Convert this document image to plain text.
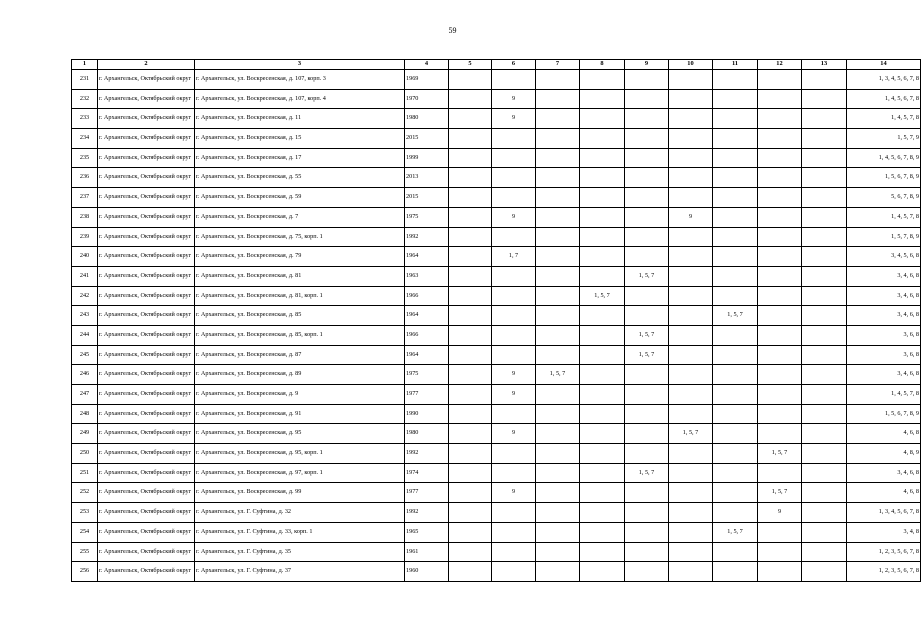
59
1	2	3	4	5	6	7	8	9	10	11	12	13	14
231	г. Архангельск, Октябрьский округ	г. Архангельск, ул. Воскресенская, д. 107, корп. 3	1969										1, 3, 4, 5, 6, 7, 8
232	г. Архангельск, Октябрьский округ	г. Архангельск, ул. Воскресенская, д. 107, корп. 4	1970		9								1, 4, 5, 6, 7, 8
233	г. Архангельск, Октябрьский округ	г. Архангельск, ул. Воскресенская, д. 11	1980		9								1, 4, 5, 7, 8
234	г. Архангельск, Октябрьский округ	г. Архангельск, ул. Воскресенская, д. 15	2015										1, 5, 7, 9
235	г. Архангельск, Октябрьский округ	г. Архангельск, ул. Воскресенская, д. 17	1999										1, 4, 5, 6, 7, 8, 9
236	г. Архангельск, Октябрьский округ	г. Архангельск, ул. Воскресенская, д. 55	2013										1, 5, 6, 7, 8, 9
237	г. Архангельск, Октябрьский округ	г. Архангельск, ул. Воскресенская, д. 59	2015										5, 6, 7, 8, 9
238	г. Архангельск, Октябрьский округ	г. Архангельск, ул. Воскресенская, д. 7	1975		9				9				1, 4, 5, 7, 8
239	г. Архангельск, Октябрьский округ	г. Архангельск, ул. Воскресенская, д. 75, корп. 1	1992										1, 5, 7, 8, 9
240	г. Архангельск, Октябрьский округ	г. Архангельск, ул. Воскресенская, д. 79	1964		1, 7								3, 4, 5, 6, 8
241	г. Архангельск, Октябрьский округ	г. Архангельск, ул. Воскресенская, д. 81	1963					1, 5, 7					3, 4, 6, 8
242	г. Архангельск, Октябрьский округ	г. Архангельск, ул. Воскресенская, д. 81, корп. 1	1966				1, 5, 7						3, 4, 6, 8
243	г. Архангельск, Октябрьский округ	г. Архангельск, ул. Воскресенская, д. 85	1964							1, 5, 7			3, 4, 6, 8
244	г. Архангельск, Октябрьский округ	г. Архангельск, ул. Воскресенская, д. 85, корп. 1	1966					1, 5, 7					3, 6, 8
245	г. Архангельск, Октябрьский округ	г. Архангельск, ул. Воскресенская, д. 87	1964					1, 5, 7					3, 6, 8
246	г. Архангельск, Октябрьский округ	г. Архангельск, ул. Воскресенская, д. 89	1975		9	1, 5, 7							3, 4, 6, 8
247	г. Архангельск, Октябрьский округ	г. Архангельск, ул. Воскресенская, д. 9	1977		9								1, 4, 5, 7, 8
248	г. Архангельск, Октябрьский округ	г. Архангельск, ул. Воскресенская, д. 91	1990										1, 5, 6, 7, 8, 9
249	г. Архангельск, Октябрьский округ	г. Архангельск, ул. Воскресенская, д. 95	1980		9				1, 5, 7				4, 6, 8
250	г. Архангельск, Октябрьский округ	г. Архангельск, ул. Воскресенская, д. 95, корп. 1	1992								1, 5, 7		4, 8, 9
251	г. Архангельск, Октябрьский округ	г. Архангельск, ул. Воскресенская, д. 97, корп. 1	1974					1, 5, 7					3, 4, 6, 8
252	г. Архангельск, Октябрьский округ	г. Архангельск, ул. Воскресенская, д. 99	1977		9						1, 5, 7		4, 6, 8
253	г. Архангельск, Октябрьский округ	г. Архангельск, ул. Г. Суфтина, д. 32	1992								9		1, 3, 4, 5, 6, 7, 8
254	г. Архангельск, Октябрьский округ	г. Архангельск, ул. Г. Суфтина, д. 33, корп. 1	1965							1, 5, 7			3, 4, 8
255	г. Архангельск, Октябрьский округ	г. Архангельск, ул. Г. Суфтина, д. 35	1961										1, 2, 3, 5, 6, 7, 8
256	г. Архангельск, Октябрьский округ	г. Архангельск, ул. Г. Суфтина, д. 37	1960										1, 2, 3, 5, 6, 7, 8
